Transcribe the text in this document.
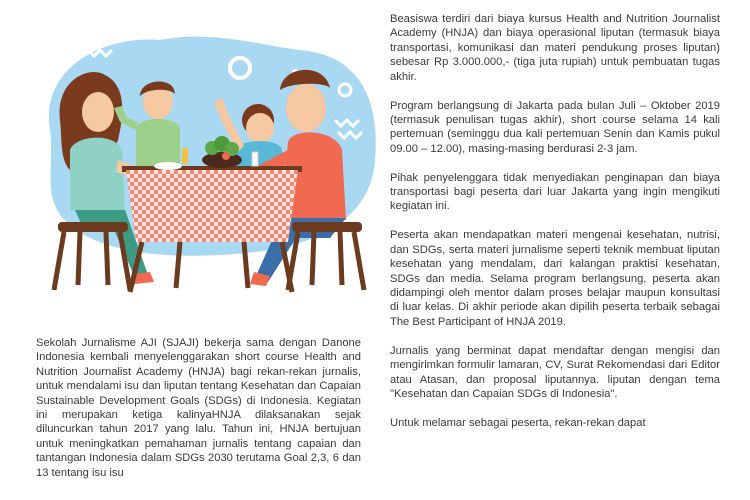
Sekolah Jurnalisme AJI (SJAJI) bekerja sama dengan Danone Indonesia kembali menyelenggarakan short course Health and Nutrition Journalist Academy (HNJA) bagi rekan-rekan jurnalis, untuk mendalami isu dan liputan tentang Kesehatan dan Capaian Sustainable Development Goals (SDGs) di Indonesia. Kegiatan ini merupakan ketiga kalinyaHNJA dilaksanakan sejak diluncurkan tahun 2017 yang lalu. Tahun ini, HNJA bertujuan untuk meningkatkan pemahaman jurnalis tentang capaian dan tantangan Indonesia dalam SDGs 2030 terutama Goal 2,3, 6 dan 13 tentang isu isu

Beasiswa terdiri dari biaya kursus Health and Nutrition Journalist Academy (HNJA) dan biaya operasional liputan (termasuk biaya transportasi, komunikasi dan materi pendukung proses liputan) sebesar Rp 3.000.000,- (tiga juta rupiah) untuk pembuatan tugas akhir.

Program berlangsung di Jakarta pada bulan Juli – Oktober 2019 (termasuk penulisan tugas akhir), short course selama 14 kali pertemuan (seminggu dua kali pertemuan Senin dan Kamis pukul 09.00 – 12.00), masing-masing berdurasi 2-3 jam.

Pihak penyelenggara tidak menyediakan penginapan dan biaya transportasi bagi peserta dari luar Jakarta yang ingin mengikuti kegiatan ini.

Peserta akan mendapatkan materi mengenai kesehatan, nutrisi, dan SDGs, serta materi jurnalisme seperti teknik membuat liputan kesehatan yang mendalam, dari kalangan praktisi kesehatan, SDGs dan media. Selama program berlangsung, peserta akan didampingi oleh mentor dalam proses belajar maupun konsultasi di luar kelas. Di akhir periode akan dipilih peserta terbaik sebagai The Best Participant of HNJA 2019.

Jurnalis yang berminat dapat mendaftar dengan mengisi dan mengirimkan formulir lamaran, CV, Surat Rekomendasi dari Editor atau Atasan, dan proposal liputannya. liputan dengan tema "Kesehatan dan Capaian SDGs di Indonesia".

Untuk melamar sebagai peserta, rekan-rekan dapat
